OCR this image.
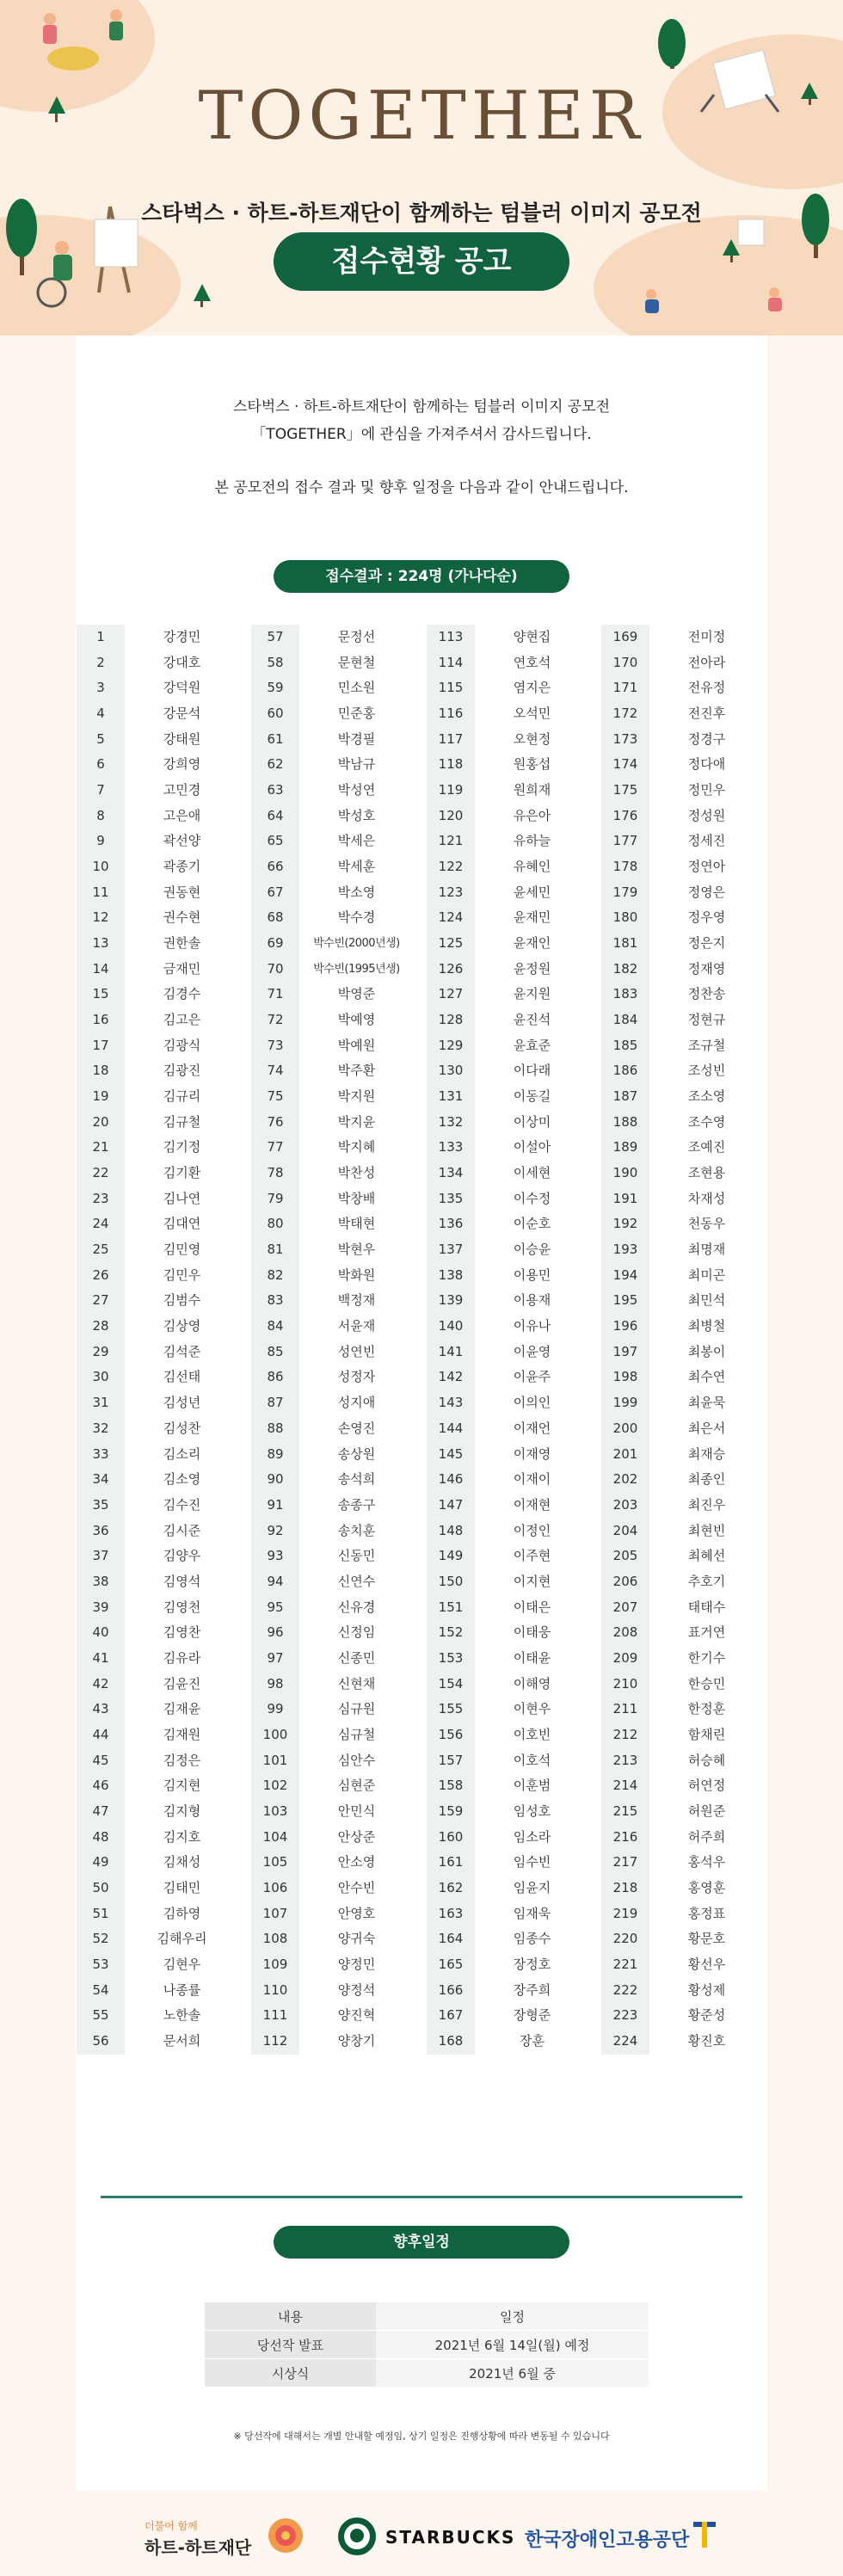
TOGETHER
스타벅스 · 하트-하트재단이 함께하는 텀블러 이미지 공모전
접수현황 공고
스타벅스 · 하트-하트재단이 함께하는 텀블러 이미지 공모전
「TOGETHER」에 관심을 가져주셔서 감사드립니다.
본 공모전의 접수 결과 및 향후 일정을 다음과 같이 안내드립니다.
접수결과 : 224명 (가나다순)
1	강경민
2	강대호
3	강덕원
4	강문석
5	강태원
6	강희영
7	고민경
8	고은애
9	곽선양
10	곽종기
11	권동현
12	권수현
13	권한솔
14	금재민
15	김경수
16	김고은
17	김광식
18	김광진
19	김규리
20	김규철
21	김기정
22	김기환
23	김나연
24	김대연
25	김민영
26	김민우
27	김범수
28	김상영
29	김석준
30	김선태
31	김성년
32	김성찬
33	김소리
34	김소영
35	김수진
36	김시준
37	김양우
38	김영석
39	김영천
40	김영찬
41	김유라
42	김윤진
43	김재윤
44	김재원
45	김정은
46	김지현
47	김지형
48	김지호
49	김채성
50	김태민
51	김하영
52	김해우리
53	김현우
54	나종률
55	노한솔
56	문서희
57	문정선
58	문현철
59	민소원
60	민준홍
61	박경필
62	박남규
63	박성연
64	박성호
65	박세은
66	박세훈
67	박소영
68	박수경
69	박수빈(2000년생)
70	박수빈(1995년생)
71	박영준
72	박예영
73	박예원
74	박주환
75	박지원
76	박지윤
77	박지혜
78	박찬성
79	박창배
80	박태현
81	박현우
82	박화원
83	백정재
84	서윤재
85	성연빈
86	성정자
87	성지애
88	손영진
89	송상원
90	송석희
91	송종구
92	송치훈
93	신동민
94	신연수
95	신유경
96	신정임
97	신종민
98	신현채
99	심규원
100	심규철
101	심안수
102	심현준
103	안민식
104	안상준
105	안소영
106	안수빈
107	안영호
108	양귀숙
109	양정민
110	양정석
111	양진혁
112	양창기
113	양현집
114	연호석
115	염지은
116	오석민
117	오현정
118	원홍섭
119	원희재
120	유은아
121	유하늘
122	유혜인
123	윤세민
124	윤재민
125	윤재인
126	윤정원
127	윤지원
128	윤진석
129	윤효준
130	이다래
131	이동길
132	이상미
133	이설아
134	이세현
135	이수정
136	이순호
137	이승윤
138	이용민
139	이용재
140	이유나
141	이윤영
142	이윤주
143	이의인
144	이재언
145	이재영
146	이재이
147	이재현
148	이정인
149	이주현
150	이지현
151	이태은
152	이태웅
153	이태윤
154	이해영
155	이현우
156	이호빈
157	이호석
158	이훈범
159	임성호
160	임소라
161	임수빈
162	임윤지
163	임재욱
164	임종수
165	장정호
166	장주희
167	장형준
168	장훈
169	전미정
170	전아라
171	전유정
172	전진후
173	정경구
174	정다애
175	정민우
176	정성원
177	정세진
178	정연아
179	정영은
180	정우영
181	정은지
182	정재영
183	정찬송
184	정현규
185	조규철
186	조성빈
187	조소영
188	조수영
189	조예진
190	조현용
191	차재성
192	천동우
193	최명재
194	최미곤
195	최민석
196	최병철
197	최봉이
198	최수연
199	최윤묵
200	최은서
201	최재승
202	최종인
203	최진우
204	최현빈
205	최혜선
206	추호기
207	태태수
208	표거연
209	한기수
210	한승민
211	한정훈
212	함채린
213	허승혜
214	허연정
215	허원준
216	허주희
217	홍석우
218	홍영훈
219	홍정표
220	황문호
221	황선우
222	황성제
223	황준성
224	황진호
향후일정
내용	일정
당선작 발표	2021년 6월 14일(월) 예정
시상식	2021년 6월 중
※ 당선작에 대해서는 개별 안내할 예정임, 상기 일정은 진행상황에 따라 변동될 수 있습니다
더불어 함께
하트-하트재단	STARBUCKS 한국장애인고용공단
